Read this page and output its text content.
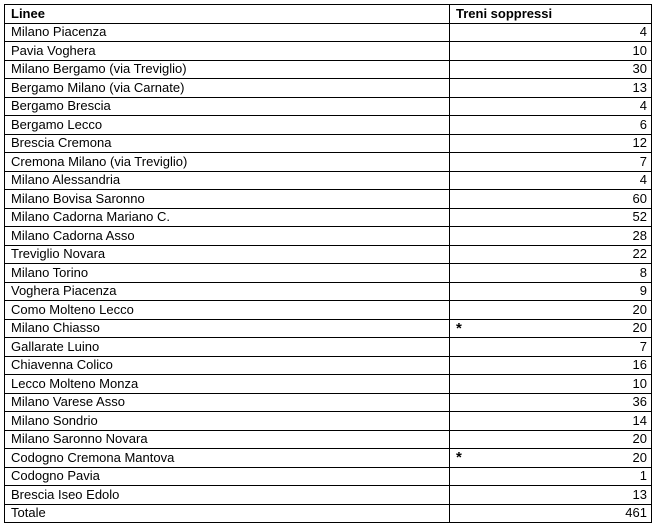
Linee	Treni soppressi
Milano Piacenza	4
Pavia Voghera	10
Milano Bergamo (via Treviglio)	30
Bergamo Milano (via Carnate)	13
Bergamo Brescia	4
Bergamo Lecco	6
Brescia Cremona	12
Cremona Milano (via Treviglio)	7
Milano Alessandria	4
Milano Bovisa Saronno	60
Milano Cadorna Mariano C.	52
Milano Cadorna Asso	28
Treviglio Novara	22
Milano Torino	8
Voghera Piacenza	9
Como Molteno Lecco	20
Milano Chiasso	* 20
Gallarate Luino	7
Chiavenna Colico	16
Lecco Molteno Monza	10
Milano Varese Asso	36
Milano Sondrio	14
Milano Saronno Novara	20
Codogno Cremona Mantova	* 20
Codogno Pavia	1
Brescia Iseo Edolo	13
Totale	461
